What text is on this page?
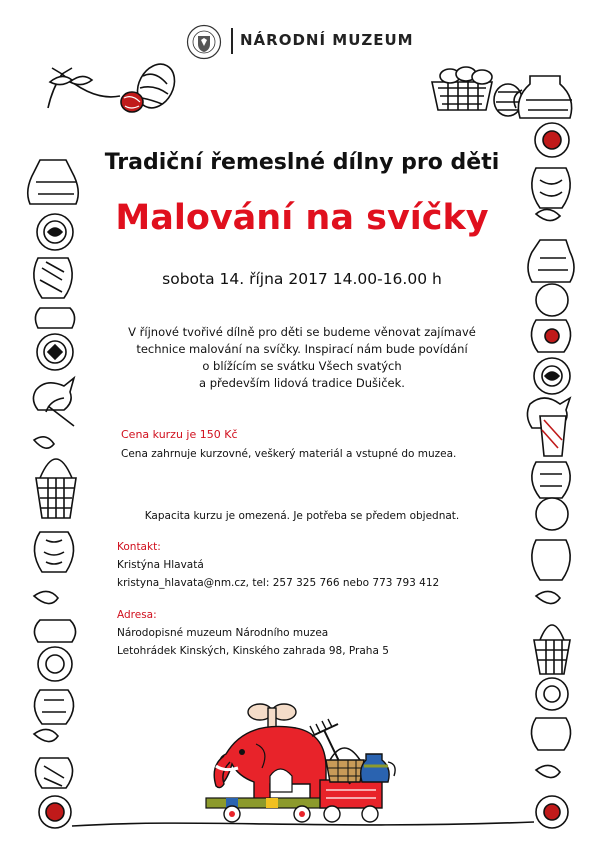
NÁRODNÍ MUZEUM
Tradiční řemeslné dílny pro děti
Malování na svíčky
sobota 14. října 2017 14.00-16.00 h
V říjnové tvořivé dílně pro děti se budeme věnovat zajímavé
technice malování na svíčky. Inspirací nám bude povídání
o blížícím se svátku Všech svatých
a především lidová tradice Dušiček.
Cena kurzu je 150 Kč
Cena zahrnuje kurzovné, veškerý materiál a vstupné do muzea.
Kapacita kurzu je omezená. Je potřeba se předem objednat.
Kontakt:
Kristýna Hlavatá
kristyna_hlavata@nm.cz, tel: 257 325 766 nebo 773 793 412
Adresa:
Národopisné muzeum Národního muzea
Letohrádek Kinských, Kinského zahrada 98, Praha 5
